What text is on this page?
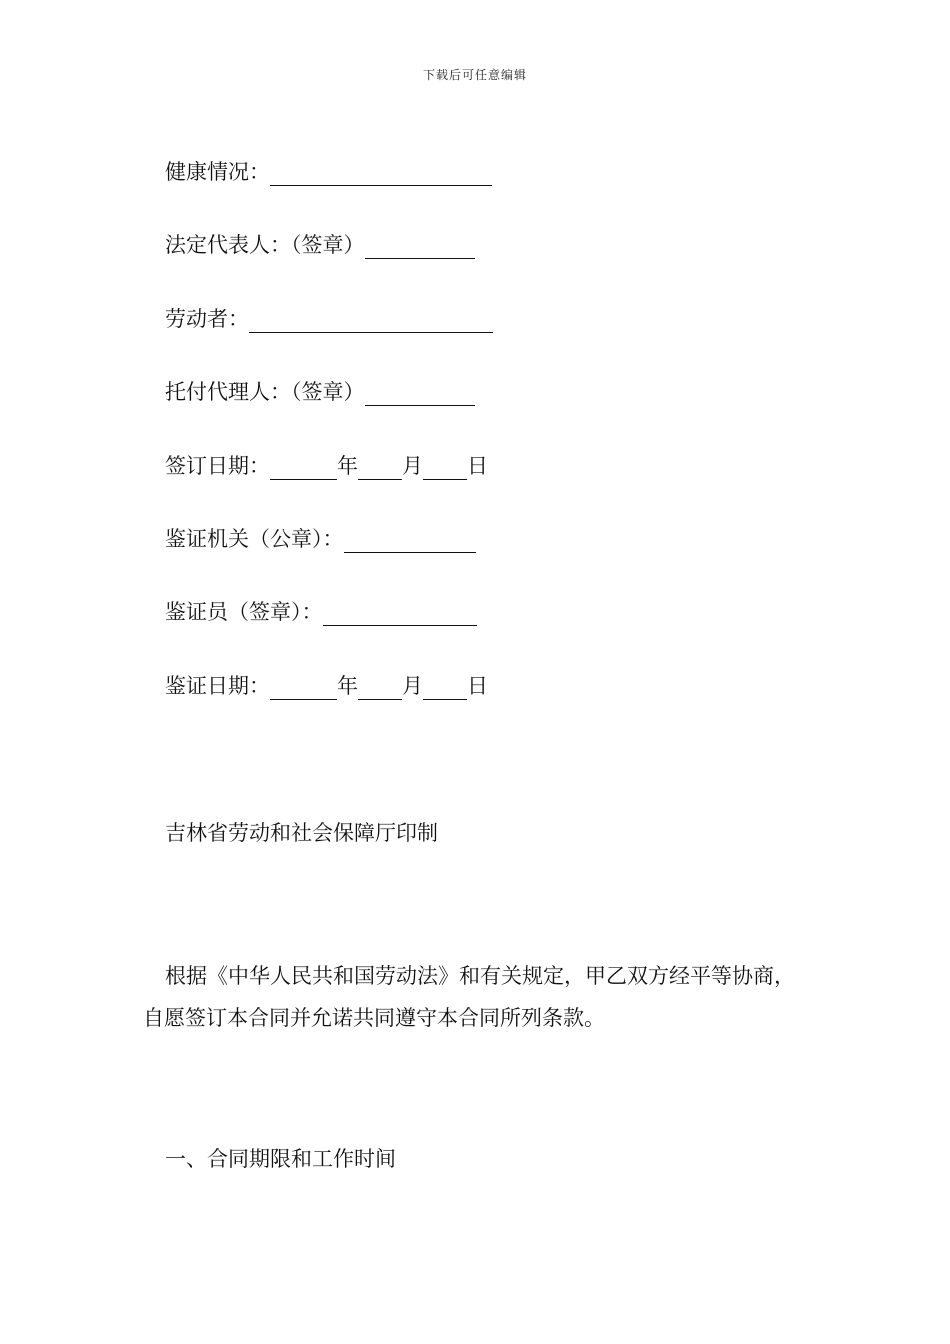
下载后可任意编辑
健康情况：
法定代表人：（签章）
劳动者：
托付代理人：（签章）
签订日期：	年 月 日
鉴证机关（公章）：
鉴证员（签章）：
鉴证日期：	年 月 日
吉林省劳动和社会保障厅印制
根据《中华人民共和国劳动法》和有关规定，甲乙双方经平等协商，自愿签订本合同并允诺共同遵守本合同所列条款。
一、合同期限和工作时间
